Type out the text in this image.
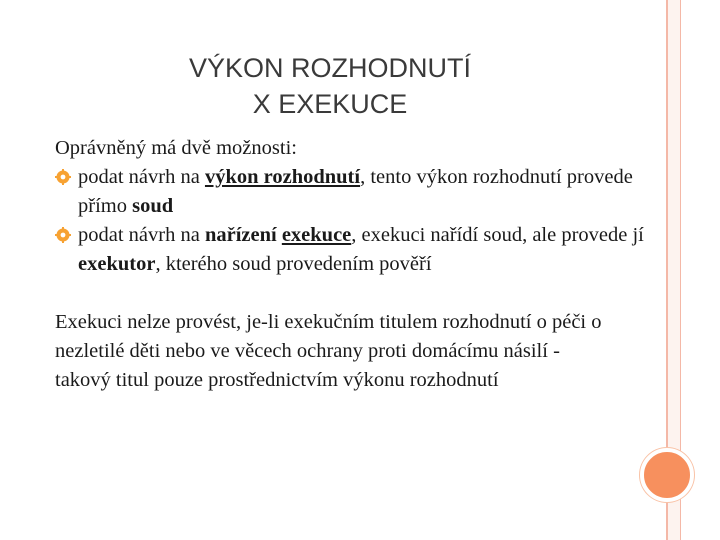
VÝKON ROZHODNUTÍ
X EXEKUCE

Oprávněný má dvě možnosti:

podat návrh na výkon rozhodnutí, tento výkon rozhodnutí provede přímo soud

podat návrh na nařízení exekuce, exekuci nařídí soud, ale provede jí exekutor, kterého soud provedením pověří

Exekuci nelze provést, je-li exekučním titulem rozhodnutí o péči o nezletilé děti nebo ve věcech ochrany proti domácímu násilí - takový titul pouze prostřednictvím výkonu rozhodnutí
